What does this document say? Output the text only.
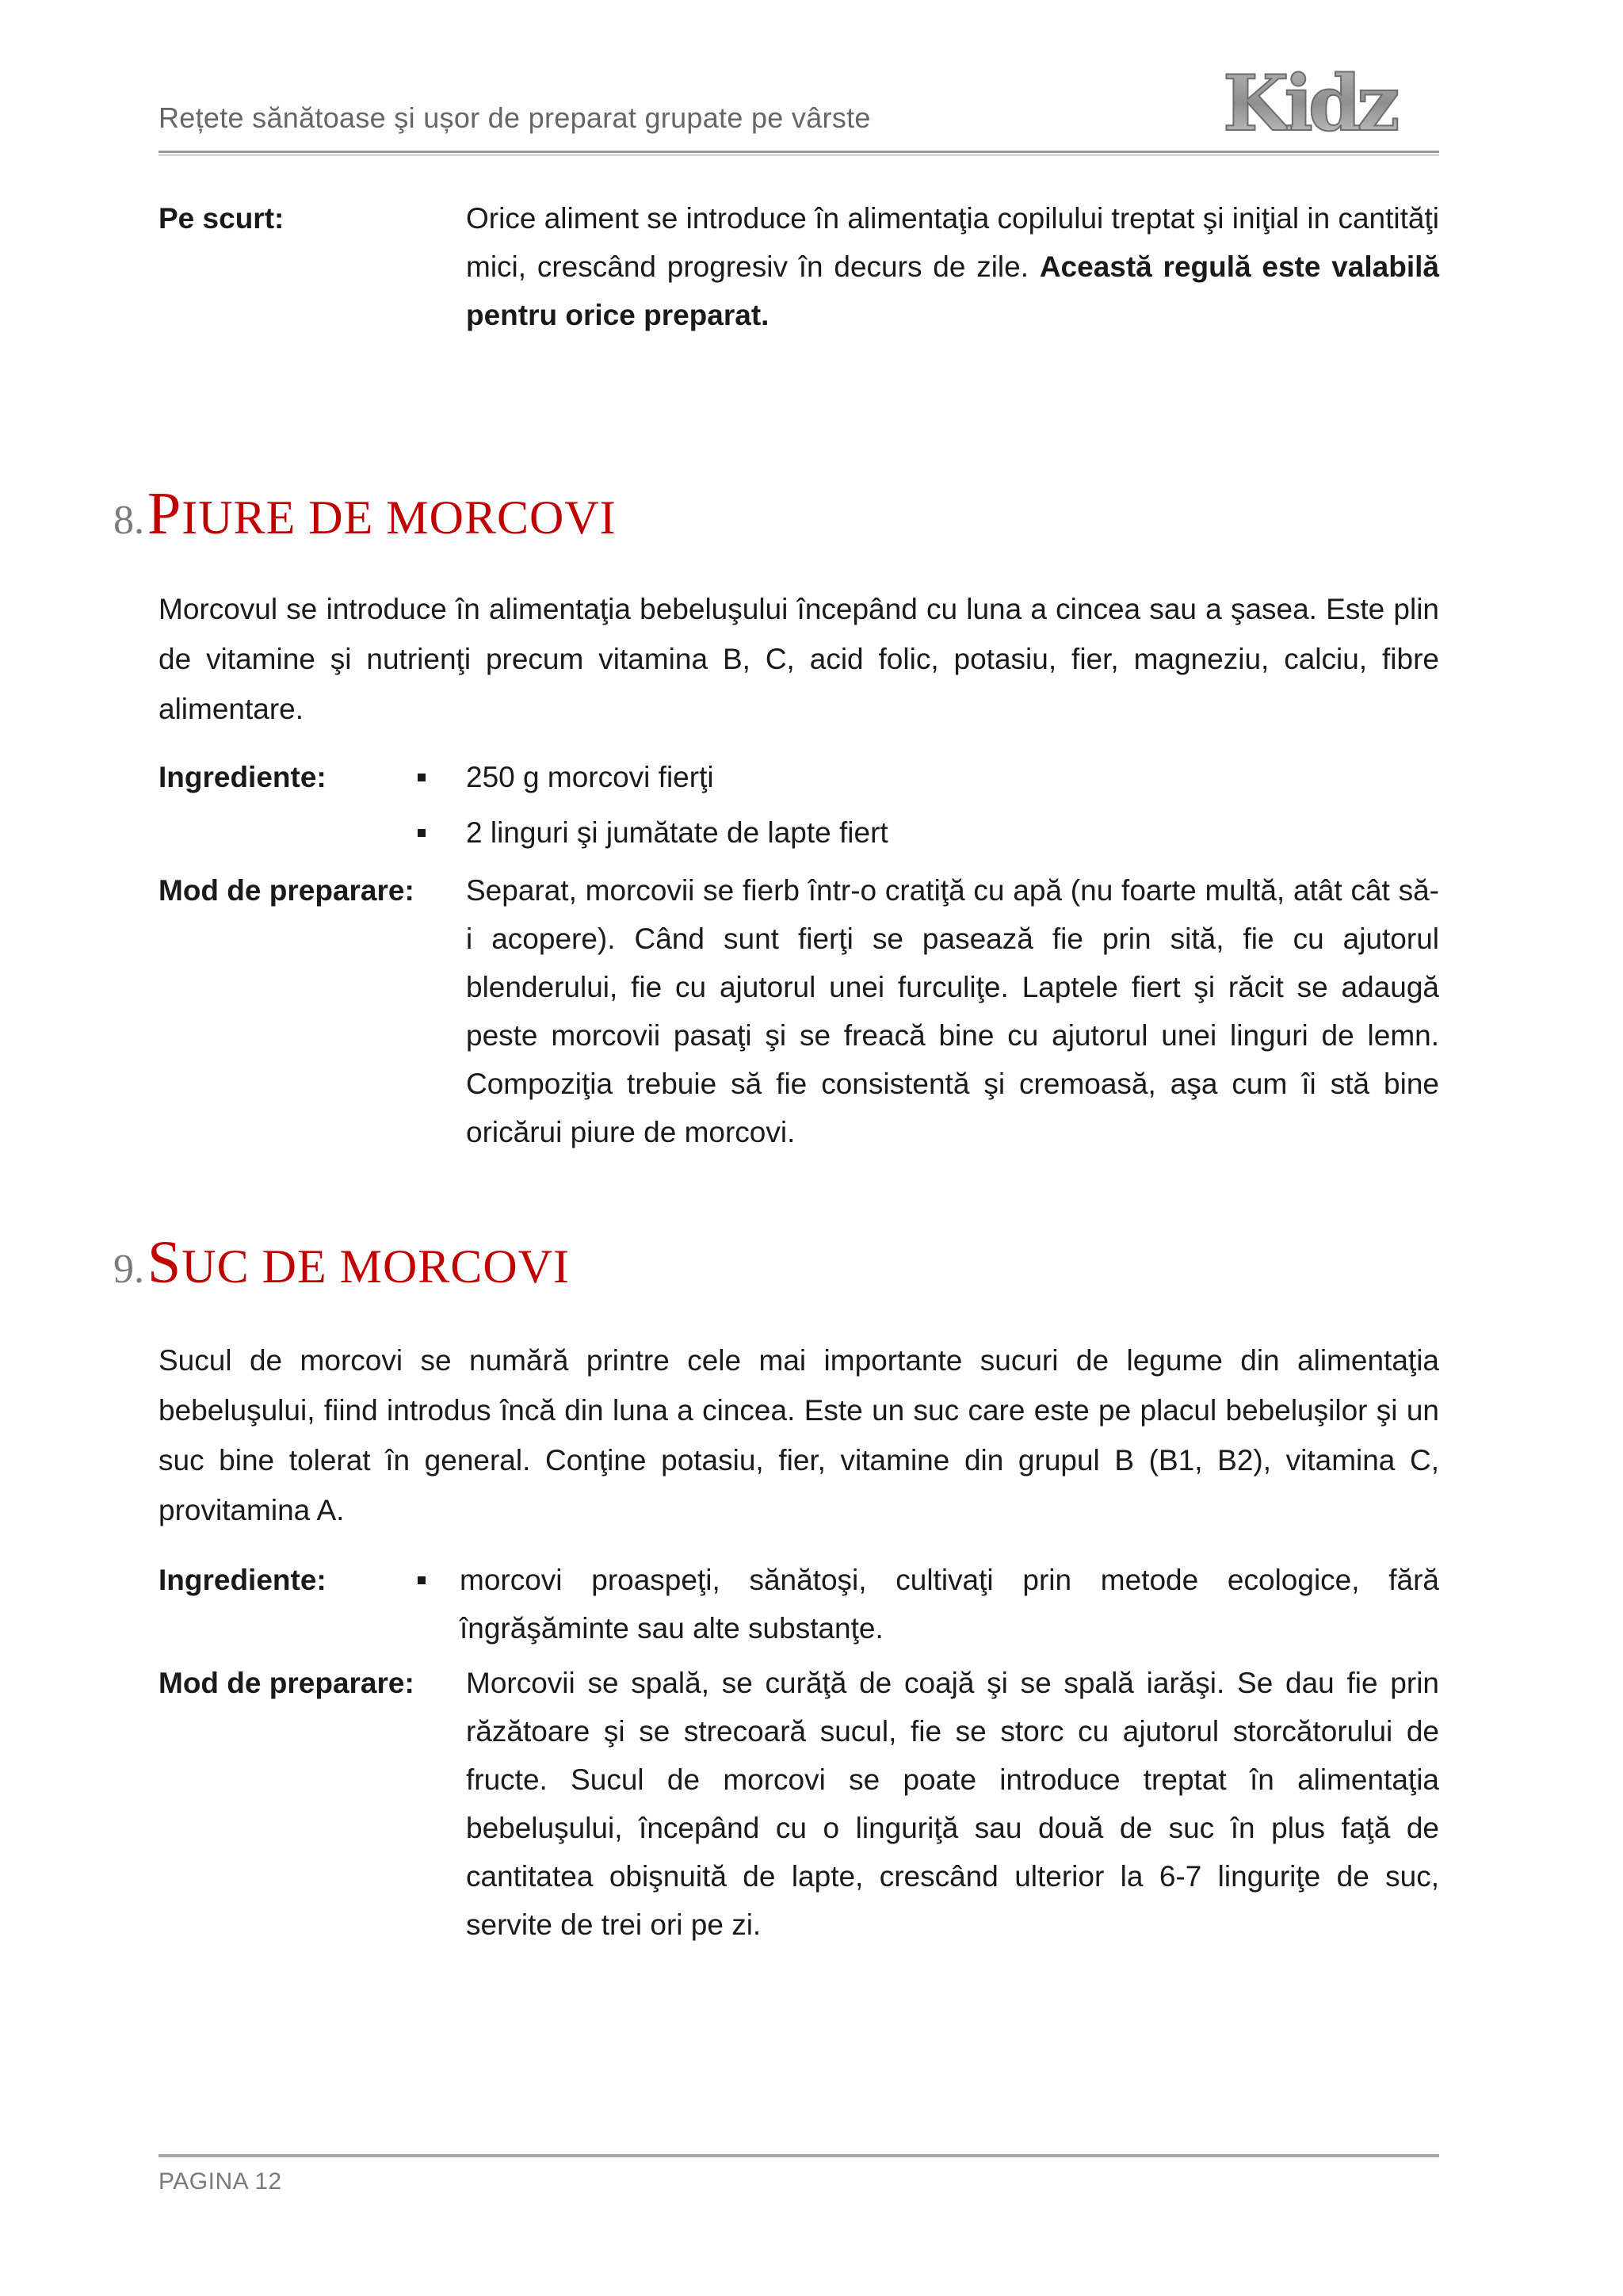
Rețete sănătoase şi ușor de preparat grupate pe vârste	Kidz
Pe scurt:	Orice aliment se introduce în alimentaţia copilului treptat şi iniţial in cantităţi mici, crescând progresiv în decurs de zile. Această regulă este valabilă pentru orice preparat.
8. PIURE DE MORCOVI
Morcovul se introduce în alimentaţia bebeluşului începând cu luna a cincea sau a şasea. Este plin de vitamine şi nutrienţi precum vitamina B, C, acid folic, potasiu, fier, magneziu, calciu, fibre alimentare.
Ingrediente:	250 g morcovi fierţi
2 linguri şi jumătate de lapte fiert
Mod de preparare: Separat, morcovii se fierb într-o cratiţă cu apă (nu foarte multă, atât cât să-i acopere). Când sunt fierţi se pasează fie prin sită, fie cu ajutorul blenderului, fie cu ajutorul unei furculiţe. Laptele fiert şi răcit se adaugă peste morcovii pasaţi şi se freacă bine cu ajutorul unei linguri de lemn. Compoziţia trebuie să fie consistentă şi cremoasă, aşa cum îi stă bine oricărui piure de morcovi.
9. SUC DE MORCOVI
Sucul de morcovi se numără printre cele mai importante sucuri de legume din alimentaţia bebeluşului, fiind introdus încă din luna a cincea. Este un suc care este pe placul bebeluşilor şi un suc bine tolerat în general. Conţine potasiu, fier, vitamine din grupul B (B1, B2), vitamina C, provitamina A.
Ingrediente:	morcovi proaspeţi, sănătoşi, cultivaţi prin metode ecologice, fără îngrăşăminte sau alte substanţe.
Mod de preparare: Morcovii se spală, se curăţă de coajă şi se spală iarăşi. Se dau fie prin răzătoare şi se strecoară sucul, fie se storc cu ajutorul storcătorului de fructe. Sucul de morcovi se poate introduce treptat în alimentaţia bebeluşului, începând cu o linguriţă sau două de suc în plus faţă de cantitatea obişnuită de lapte, crescând ulterior la 6-7 linguriţe de suc, servite de trei ori pe zi.
PAGINA 12
